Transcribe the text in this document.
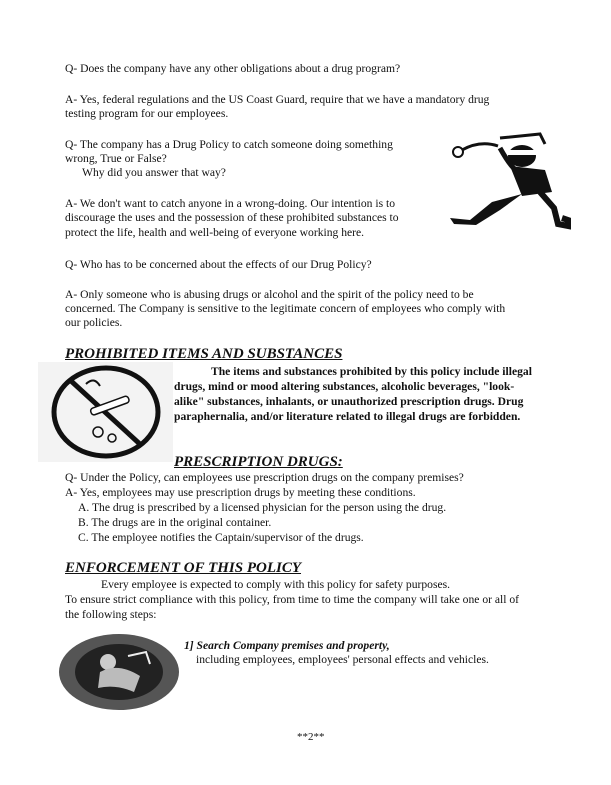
Q- Does the company have any other obligations about a drug program?
A- Yes, federal regulations and the US Coast Guard, require that we have a mandatory drug
testing program for our employees.
Q- The company has a Drug Policy to catch someone doing something
wrong, True or False?
Why did you answer that way?
A- We don't want to catch anyone in a wrong-doing. Our intention is to
discourage the uses and the possession of these prohibited substances to
protect the life, health and well-being of everyone working here.
Q- Who has to be concerned about the effects of our Drug Policy?
A- Only someone who is abusing drugs or alcohol and the spirit of the policy need to be
concerned. The Company is sensitive to the legitimate concern of employees who comply with
our policies.
PROHIBITED ITEMS AND SUBSTANCES
The items and substances prohibited by this policy include illegal
drugs, mind or mood altering substances, alcoholic beverages, "look-
alike" substances, inhalants, or unauthorized prescription drugs. Drug
paraphernalia, and/or literature related to illegal drugs are forbidden.
PRESCRIPTION DRUGS:
Q- Under the Policy, can employees use prescription drugs on the company premises?
A- Yes, employees may use prescription drugs by meeting these conditions.
A. The drug is prescribed by a licensed physician for the person using the drug.
B. The drugs are in the original container.
C. The employee notifies the Captain/supervisor of the drugs.
ENFORCEMENT OF THIS POLICY
Every employee is expected to comply with this policy for safety purposes.
To ensure strict compliance with this policy, from time to time the company will take one or all of
the following steps:
1] Search Company premises and property,
including employees, employees' personal effects and vehicles.
**2**
